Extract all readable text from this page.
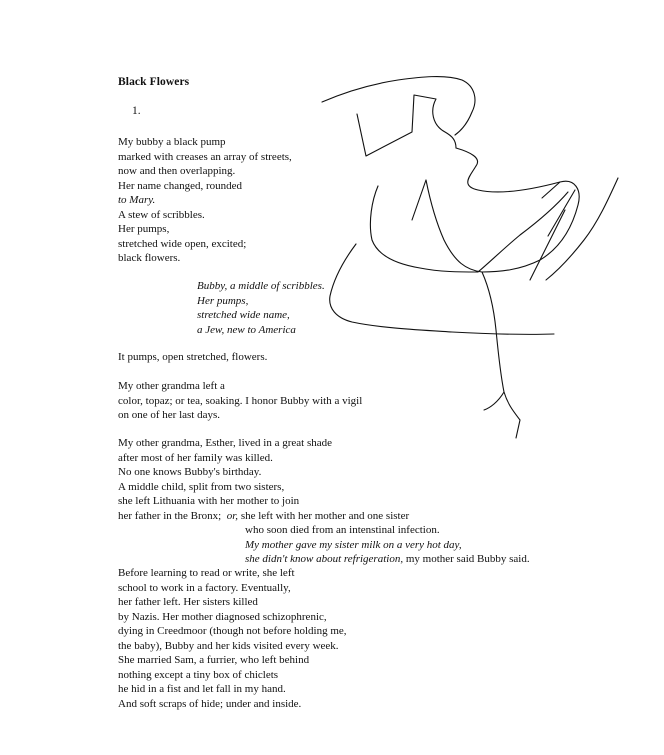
Black Flowers
1.
My bubby a black pump
marked with creases an array of streets,
now and then overlapping.
Her name changed, rounded
to Mary.
A stew of scribbles.
Her pumps,
stretched wide open, excited;
black flowers.
Bubby, a middle of scribbles.
Her pumps,
stretched wide name,
a Jew, new to America
It pumps, open stretched, flowers.
My other grandma left a
color, topaz; or tea, soaking. I honor Bubby with a vigil
on one of her last days.
My other grandma, Esther, lived in a great shade
after most of her family was killed.
No one knows Bubby's birthday.
A middle child, split from two sisters,
she left Lithuania with her mother to join
her father in the Bronx; or, she left with her mother and one sister
who soon died from an intenstinal infection.
My mother gave my sister milk on a very hot day,
she didn't know about refrigeration, my mother said Bubby said.
Before learning to read or write, she left
school to work in a factory. Eventually,
her father left. Her sisters killed
by Nazis. Her mother diagnosed schizophrenic,
dying in Creedmoor (though not before holding me,
the baby), Bubby and her kids visited every week.
She married Sam, a furrier, who left behind
nothing except a tiny box of chiclets
he hid in a fist and let fall in my hand.
And soft scraps of hide; under and inside.
